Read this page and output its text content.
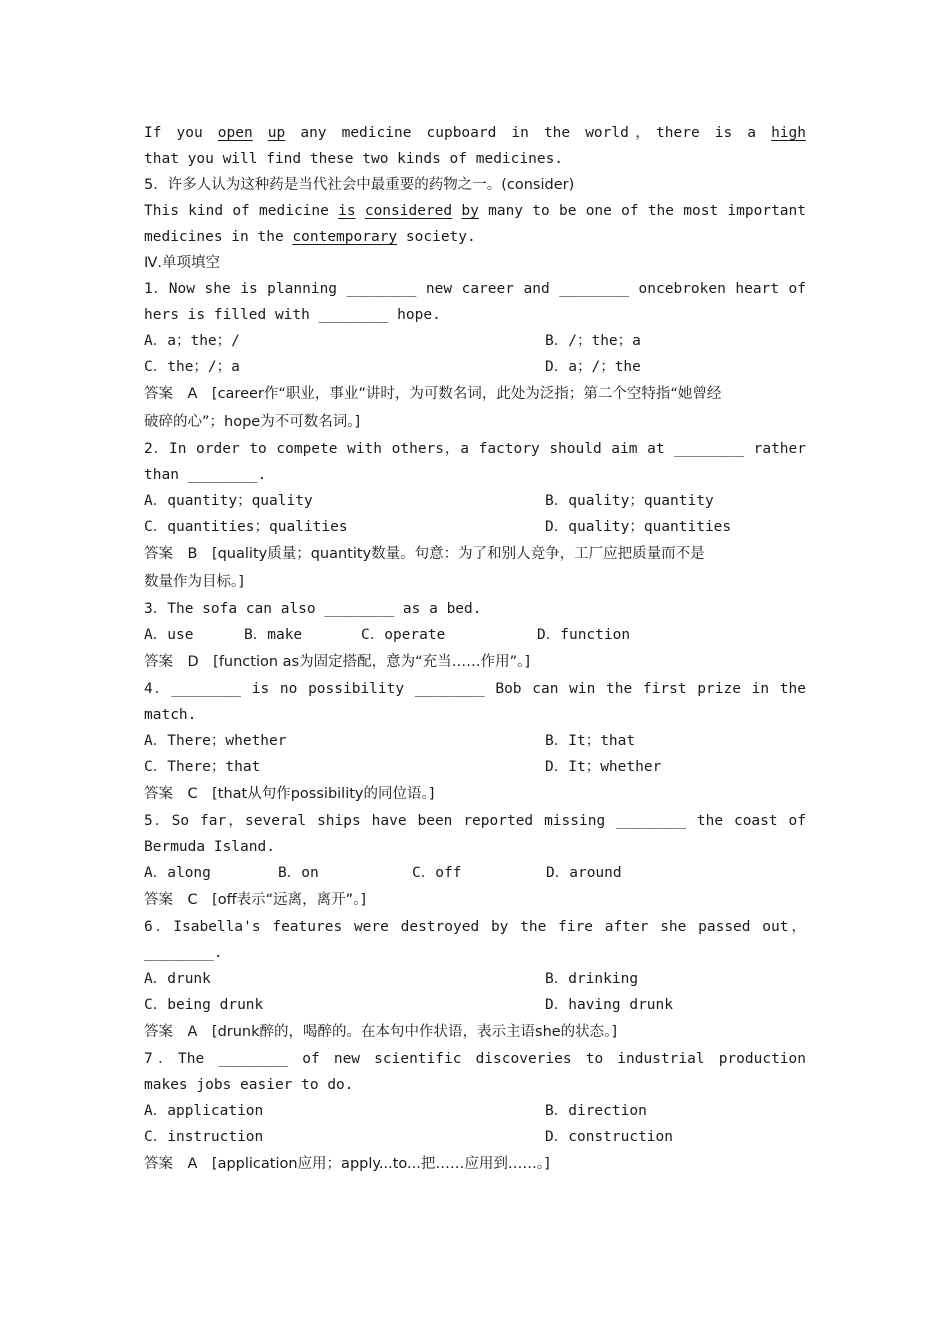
If you open up any medicine cupboard in the world，there is a high
that you will find these two kinds of medicines.
5．许多人认为这种药是当代社会中最重要的药物之一。(consider)
This kind of medicine is considered by many to be one of the most important
medicines in the contemporary society.
Ⅳ.单项填空
1．Now she is planning ________ new career and ________ oncebroken heart of
hers is filled with ________ hope.
A．a；the；/	B．/；the；a
C．the；/；a	D．a；/；the
答案　A　[career作“职业，事业”讲时，为可数名词，此处为泛指；第二个空特指“她曾经
破碎的心”；hope为不可数名词。]
2．In order to compete with others，a factory should aim at ________ rather
than ________.
A．quantity；quality	B．quality；quantity
C．quantities；qualities	D．quality；quantities
答案　B　[quality质量；quantity数量。句意：为了和别人竞争，工厂应把质量而不是
数量作为目标。]
3．The sofa can also ________ as a bed.
A．use	B．make	C．operate	D．function
答案　D　[function as为固定搭配，意为“充当……作用”。]
4．________ is no possibility ________ Bob can win the first prize in the
match.
A．There；whether	B．It；that
C．There；that	D．It；whether
答案　C　[that从句作possibility的同位语。]
5．So far，several ships have been reported missing ________ the coast of
Bermuda Island.
A．along	B．on	C．off	D．around
答案　C　[off表示“远离，离开”。]
6．Isabella's features were destroyed by the fire after she passed out，
________.
A．drunk	B．drinking
C．being drunk	D．having drunk
答案　A　[drunk醉的，喝醉的。在本句中作状语，表示主语she的状态。]
7．The ________ of new scientific discoveries to industrial production
makes jobs easier to do.
A．application	B．direction
C．instruction	D．construction
答案　A　[application应用；apply...to...把……应用到……。]
